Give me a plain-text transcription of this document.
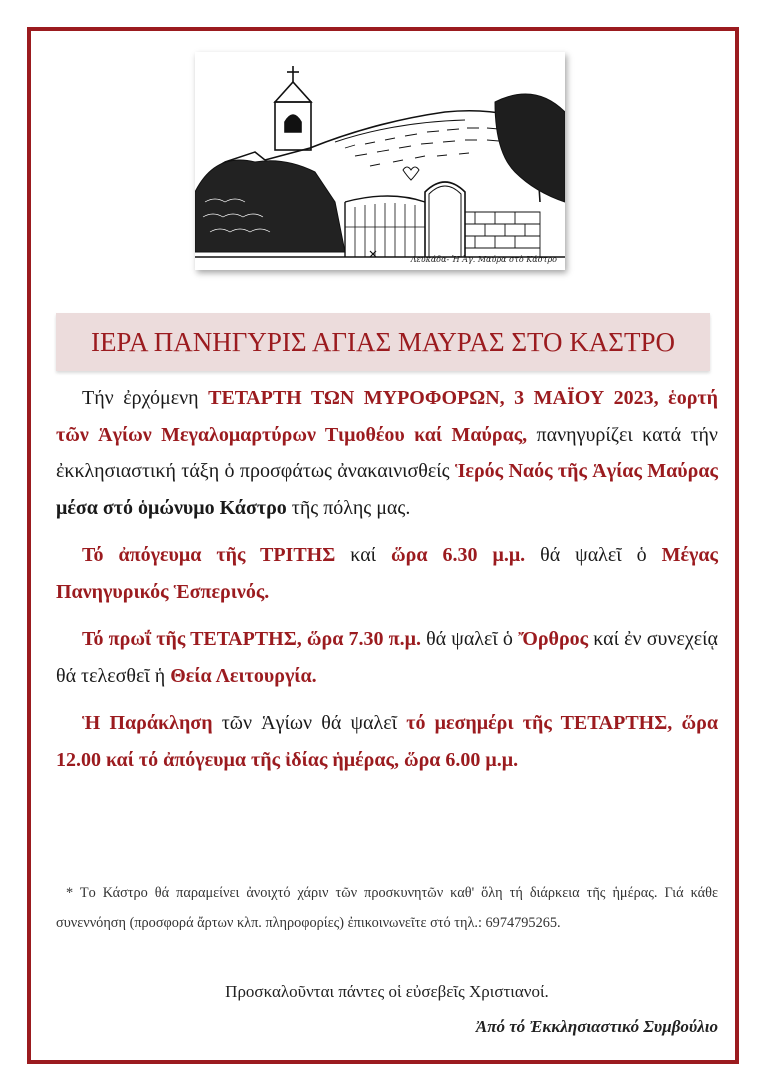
Λευκάδα- Ἡ Ἁγ. Μαύρα στὸ Κάστρο
ΙΕΡΑ ΠΑΝΗΓΥΡΙΣ ΑΓΙΑΣ ΜΑΥΡΑΣ ΣΤΟ ΚΑΣΤΡΟ

Τήν ἐρχόμενη ΤΕΤΑΡΤΗ ΤΩΝ ΜΥΡΟΦΟΡΩΝ, 3 ΜΑΪΟΥ 2023, ἑορτή τῶν Ἁγίων Μεγαλομαρτύρων Τιμοθέου καί Μαύρας, πανηγυρίζει κατά τήν ἐκκλησιαστική τάξη ὁ προσφάτως ἀνακαινισθείς Ἱερός Ναός τῆς Ἁγίας Μαύρας μέσα στό ὁμώνυμο Κάστρο τῆς πόλης μας.

Τό ἀπόγευμα τῆς ΤΡΙΤΗΣ καί ὥρα 6.30 μ.μ. θά ψαλεῖ ὁ Μέγας Πανηγυρικός Ἑσπερινός.

Τό πρωΐ τῆς ΤΕΤΑΡΤΗΣ, ὥρα 7.30 π.μ. θά ψαλεῖ ὁ Ὄρθρος καί ἐν συνεχείᾳ θά τελεσθεῖ ἡ Θεία Λειτουργία.

Ἡ Παράκληση τῶν Ἁγίων θά ψαλεῖ τό μεσημέρι τῆς ΤΕΤΑΡΤΗΣ, ὥρα 12.00 καί τό ἀπόγευμα τῆς ἰδίας ἡμέρας, ὥρα 6.00 μ.μ.

* Τo Κάστρο θά παραμείνει ἀνοιχτό χάριν τῶν προσκυνητῶν καθ' ὅλη τή διάρκεια τῆς ἡμέρας. Γιά κάθε συνεννόηση (προσφορά ἄρτων κλπ. πληροφορίες) ἐπικοινωνεῖτε στό τηλ.: 6974795265.

Προσκαλοῦνται πάντες οἱ εὐσεβεῖς Χριστιανοί.
Ἀπό τό Ἐκκλησιαστικό Συμβούλιο
